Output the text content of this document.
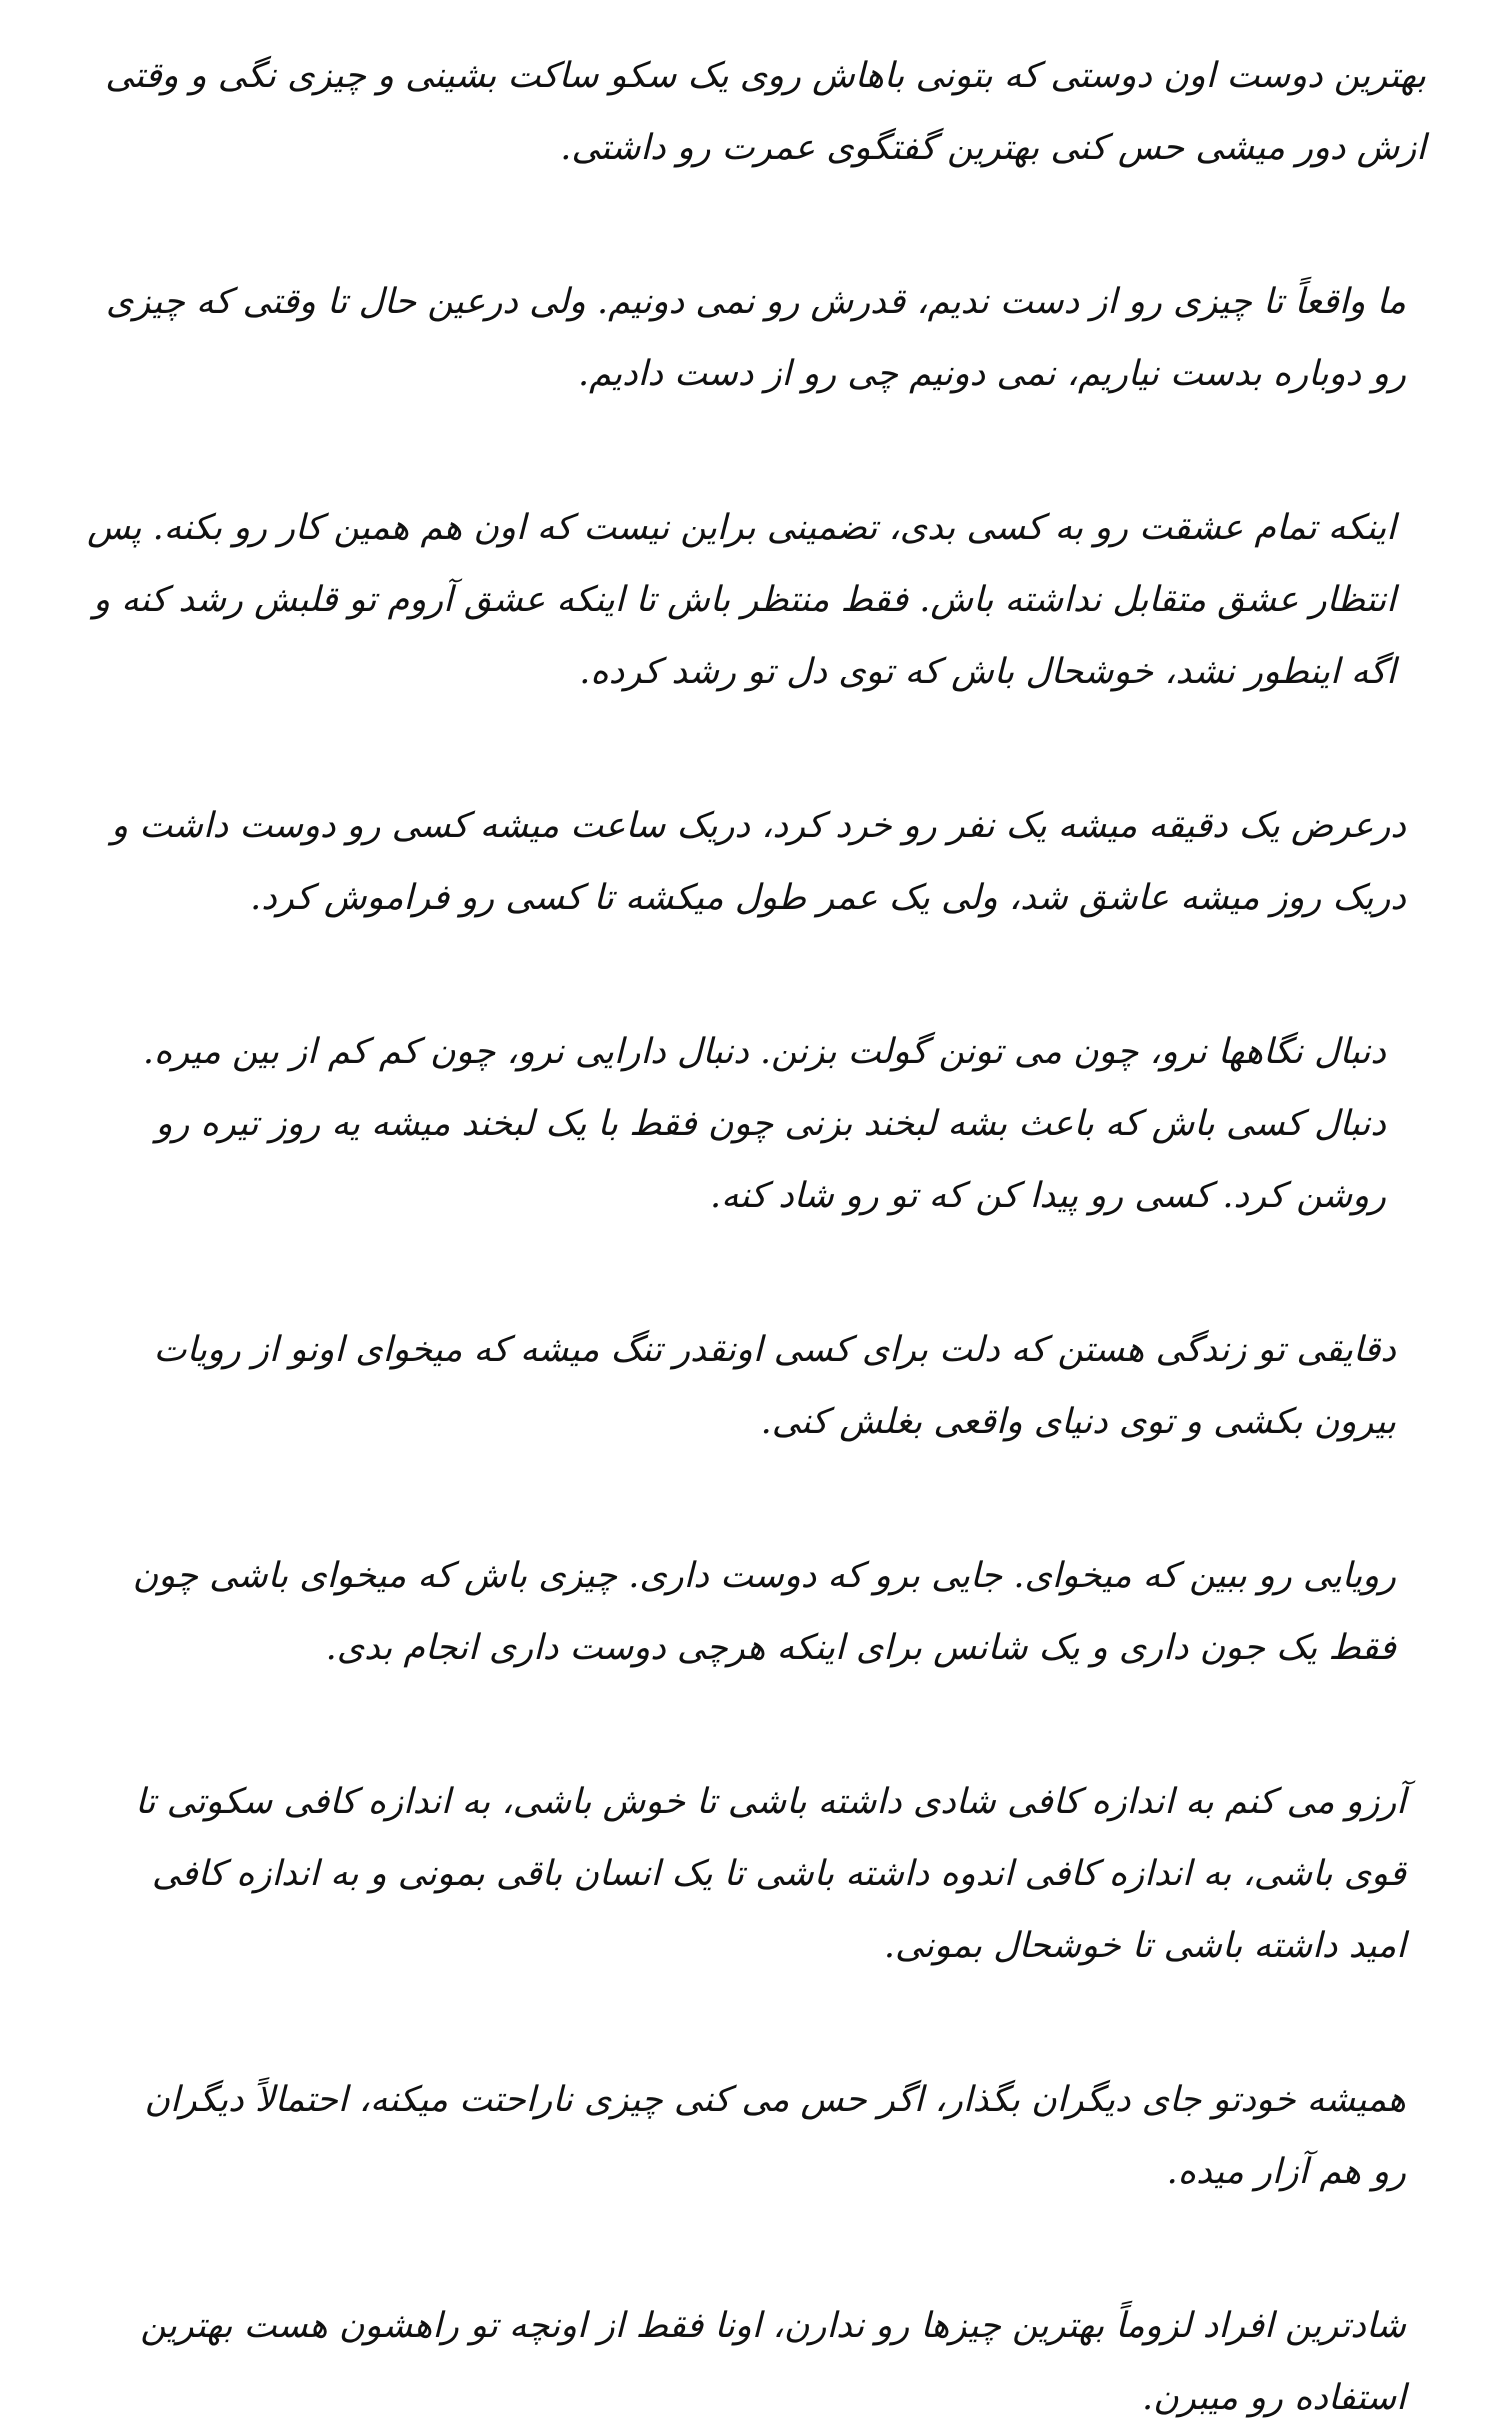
بهترین دوست اون دوستی که بتونی باهاش روی یک سکو ساکت بشینی و چیزی نگی و وقتی ازش دور میشی حس کنی بهترین گفتگوی عمرت رو داشتی.

ما واقعاً تا چیزی رو از دست ندیم، قدرش رو نمی دونیم. ولی درعین حال تا وقتی که چیزی رو دوباره بدست نیاریم، نمی دونیم چی رو از دست دادیم.

اینکه تمام عشقت رو به کسی بدی، تضمینی براین نیست که اون هم همین کار رو بکنه. پس انتظار عشق متقابل نداشته باش. فقط منتظر باش تا اینکه عشق آروم تو قلبش رشد کنه و اگه اینطور نشد، خوشحال باش که توی دل تو رشد کرده.

درعرض یک دقیقه میشه یک نفر رو خرد کرد، دریک ساعت میشه کسی رو دوست داشت و دریک روز میشه عاشق شد، ولی یک عمر طول میکشه تا کسی رو فراموش کرد.

دنبال نگاهها نرو، چون می تونن گولت بزنن. دنبال دارایی نرو، چون کم کم از بین میره. دنبال کسی باش که باعث بشه لبخند بزنی چون فقط با یک لبخند میشه یه روز تیره رو روشن کرد. کسی رو پیدا کن که تو رو شاد کنه.

دقایقی تو زندگی هستن که دلت برای کسی اونقدر تنگ میشه که میخوای اونو از رویات بیرون بکشی و توی دنیای واقعی بغلش کنی.

رویایی رو ببین که میخوای. جایی برو که دوست داری. چیزی باش که میخوای باشی چون فقط یک جون داری و یک شانس برای اینکه هرچی دوست داری انجام بدی.

آرزو می کنم به اندازه کافی شادی داشته باشی تا خوش باشی، به اندازه کافی سکوتی تا قوی باشی، به اندازه کافی اندوه داشته باشی تا یک انسان باقی بمونی و به اندازه کافی امید داشته باشی تا خوشحال بمونی.

همیشه خودتو جای دیگران بگذار، اگر حس می کنی چیزی ناراحتت میکنه، احتمالاً دیگران رو هم آزار میده.

شادترین افراد لزوماً بهترین چیزها رو ندارن، اونا فقط از اونچه تو راهشون هست بهترین استفاده رو میبرن.
